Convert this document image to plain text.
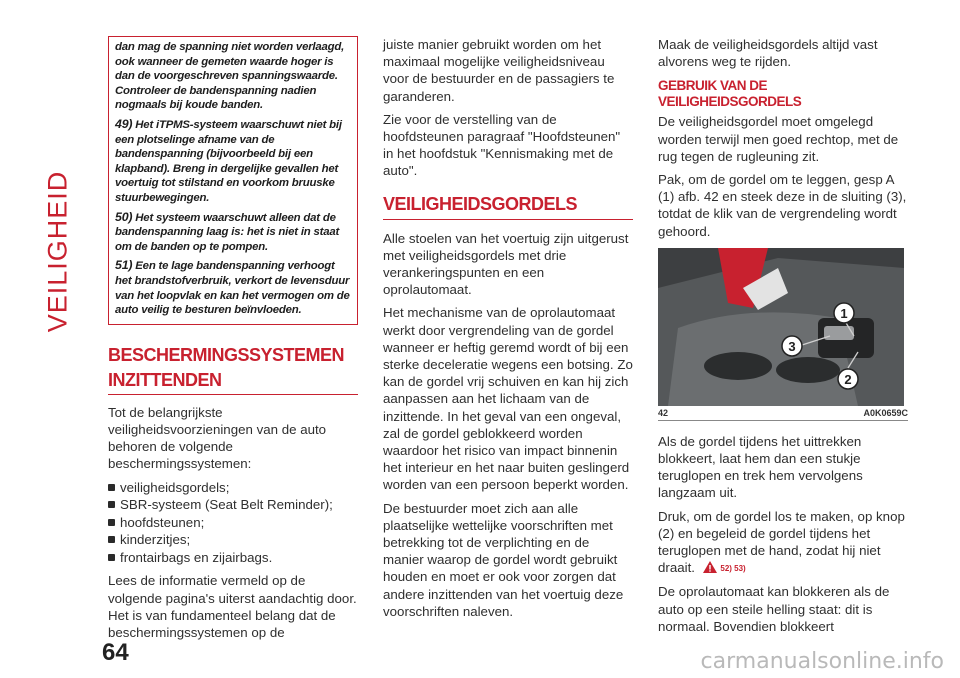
VEILIGHEID

dan mag de spanning niet worden verlaagd, ook wanneer de gemeten waarde hoger is dan de voorgeschreven spanningswaarde. Controleer de bandenspanning nadien nogmaals bij koude banden.

49) Het iTPMS-systeem waarschuwt niet bij een plotselinge afname van de bandenspanning (bijvoorbeeld bij een klapband). Breng in dergelijke gevallen het voertuig tot stilstand en voorkom bruuske stuurbewegingen.

50) Het systeem waarschuwt alleen dat de bandenspanning laag is: het is niet in staat om de banden op te pompen.

51) Een te lage bandenspanning verhoogt het brandstofverbruik, verkort de levensduur van het loopvlak en kan het vermogen om de auto veilig te besturen beïnvloeden.

BESCHERMINGSSYSTEMEN INZITTENDEN

Tot de belangrijkste veiligheidsvoorzieningen van de auto behoren de volgende beschermingssystemen:

veiligheidsgordels;
SBR-systeem (Seat Belt Reminder);
hoofdsteunen;
kinderzitjes;
frontairbags en zijairbags.

Lees de informatie vermeld op de volgende pagina's uiterst aandachtig door. Het is van fundamenteel belang dat de beschermingssystemen op de

juiste manier gebruikt worden om het maximaal mogelijke veiligheidsniveau voor de bestuurder en de passagiers te garanderen.

Zie voor de verstelling van de hoofdsteunen paragraaf "Hoofdsteunen" in het hoofdstuk "Kennismaking met de auto".

VEILIGHEIDSGORDELS

Alle stoelen van het voertuig zijn uitgerust met veiligheidsgordels met drie verankeringspunten en een oprolautomaat.

Het mechanisme van de oprolautomaat werkt door vergrendeling van de gordel wanneer er heftig geremd wordt of bij een sterke deceleratie wegens een botsing. Zo kan de gordel vrij schuiven en kan hij zich aanpassen aan het lichaam van de inzittende. In het geval van een ongeval, zal de gordel geblokkeerd worden waardoor het risico van impact binnenin het interieur en het naar buiten geslingerd worden van een persoon beperkt worden.

De bestuurder moet zich aan alle plaatselijke wettelijke voorschriften met betrekking tot de verplichting en de manier waarop de gordel wordt gebruikt houden en moet er ook voor zorgen dat andere inzittenden van het voertuig deze voorschriften naleven.

Maak de veiligheidsgordels altijd vast alvorens weg te rijden.

GEBRUIK VAN DE VEILIGHEIDSGORDELS

De veiligheidsgordel moet omgelegd worden terwijl men goed rechtop, met de rug tegen de rugleuning zit.

Pak, om de gordel om te leggen, gesp A (1) afb. 42 en steek deze in de sluiting (3), totdat de klik van de vergrendeling wordt gehoord.

1
2
3
42	A0K0659C

Als de gordel tijdens het uittrekken blokkeert, laat hem dan een stukje teruglopen en trek hem vervolgens langzaam uit.

Druk, om de gordel los te maken, op knop (2) en begeleid de gordel tijdens het teruglopen met de hand, zodat hij niet draait.	52) 53)

De oprolautomaat kan blokkeren als de auto op een steile helling staat: dit is normaal. Bovendien blokkeert

64	carmanualsonline.info
